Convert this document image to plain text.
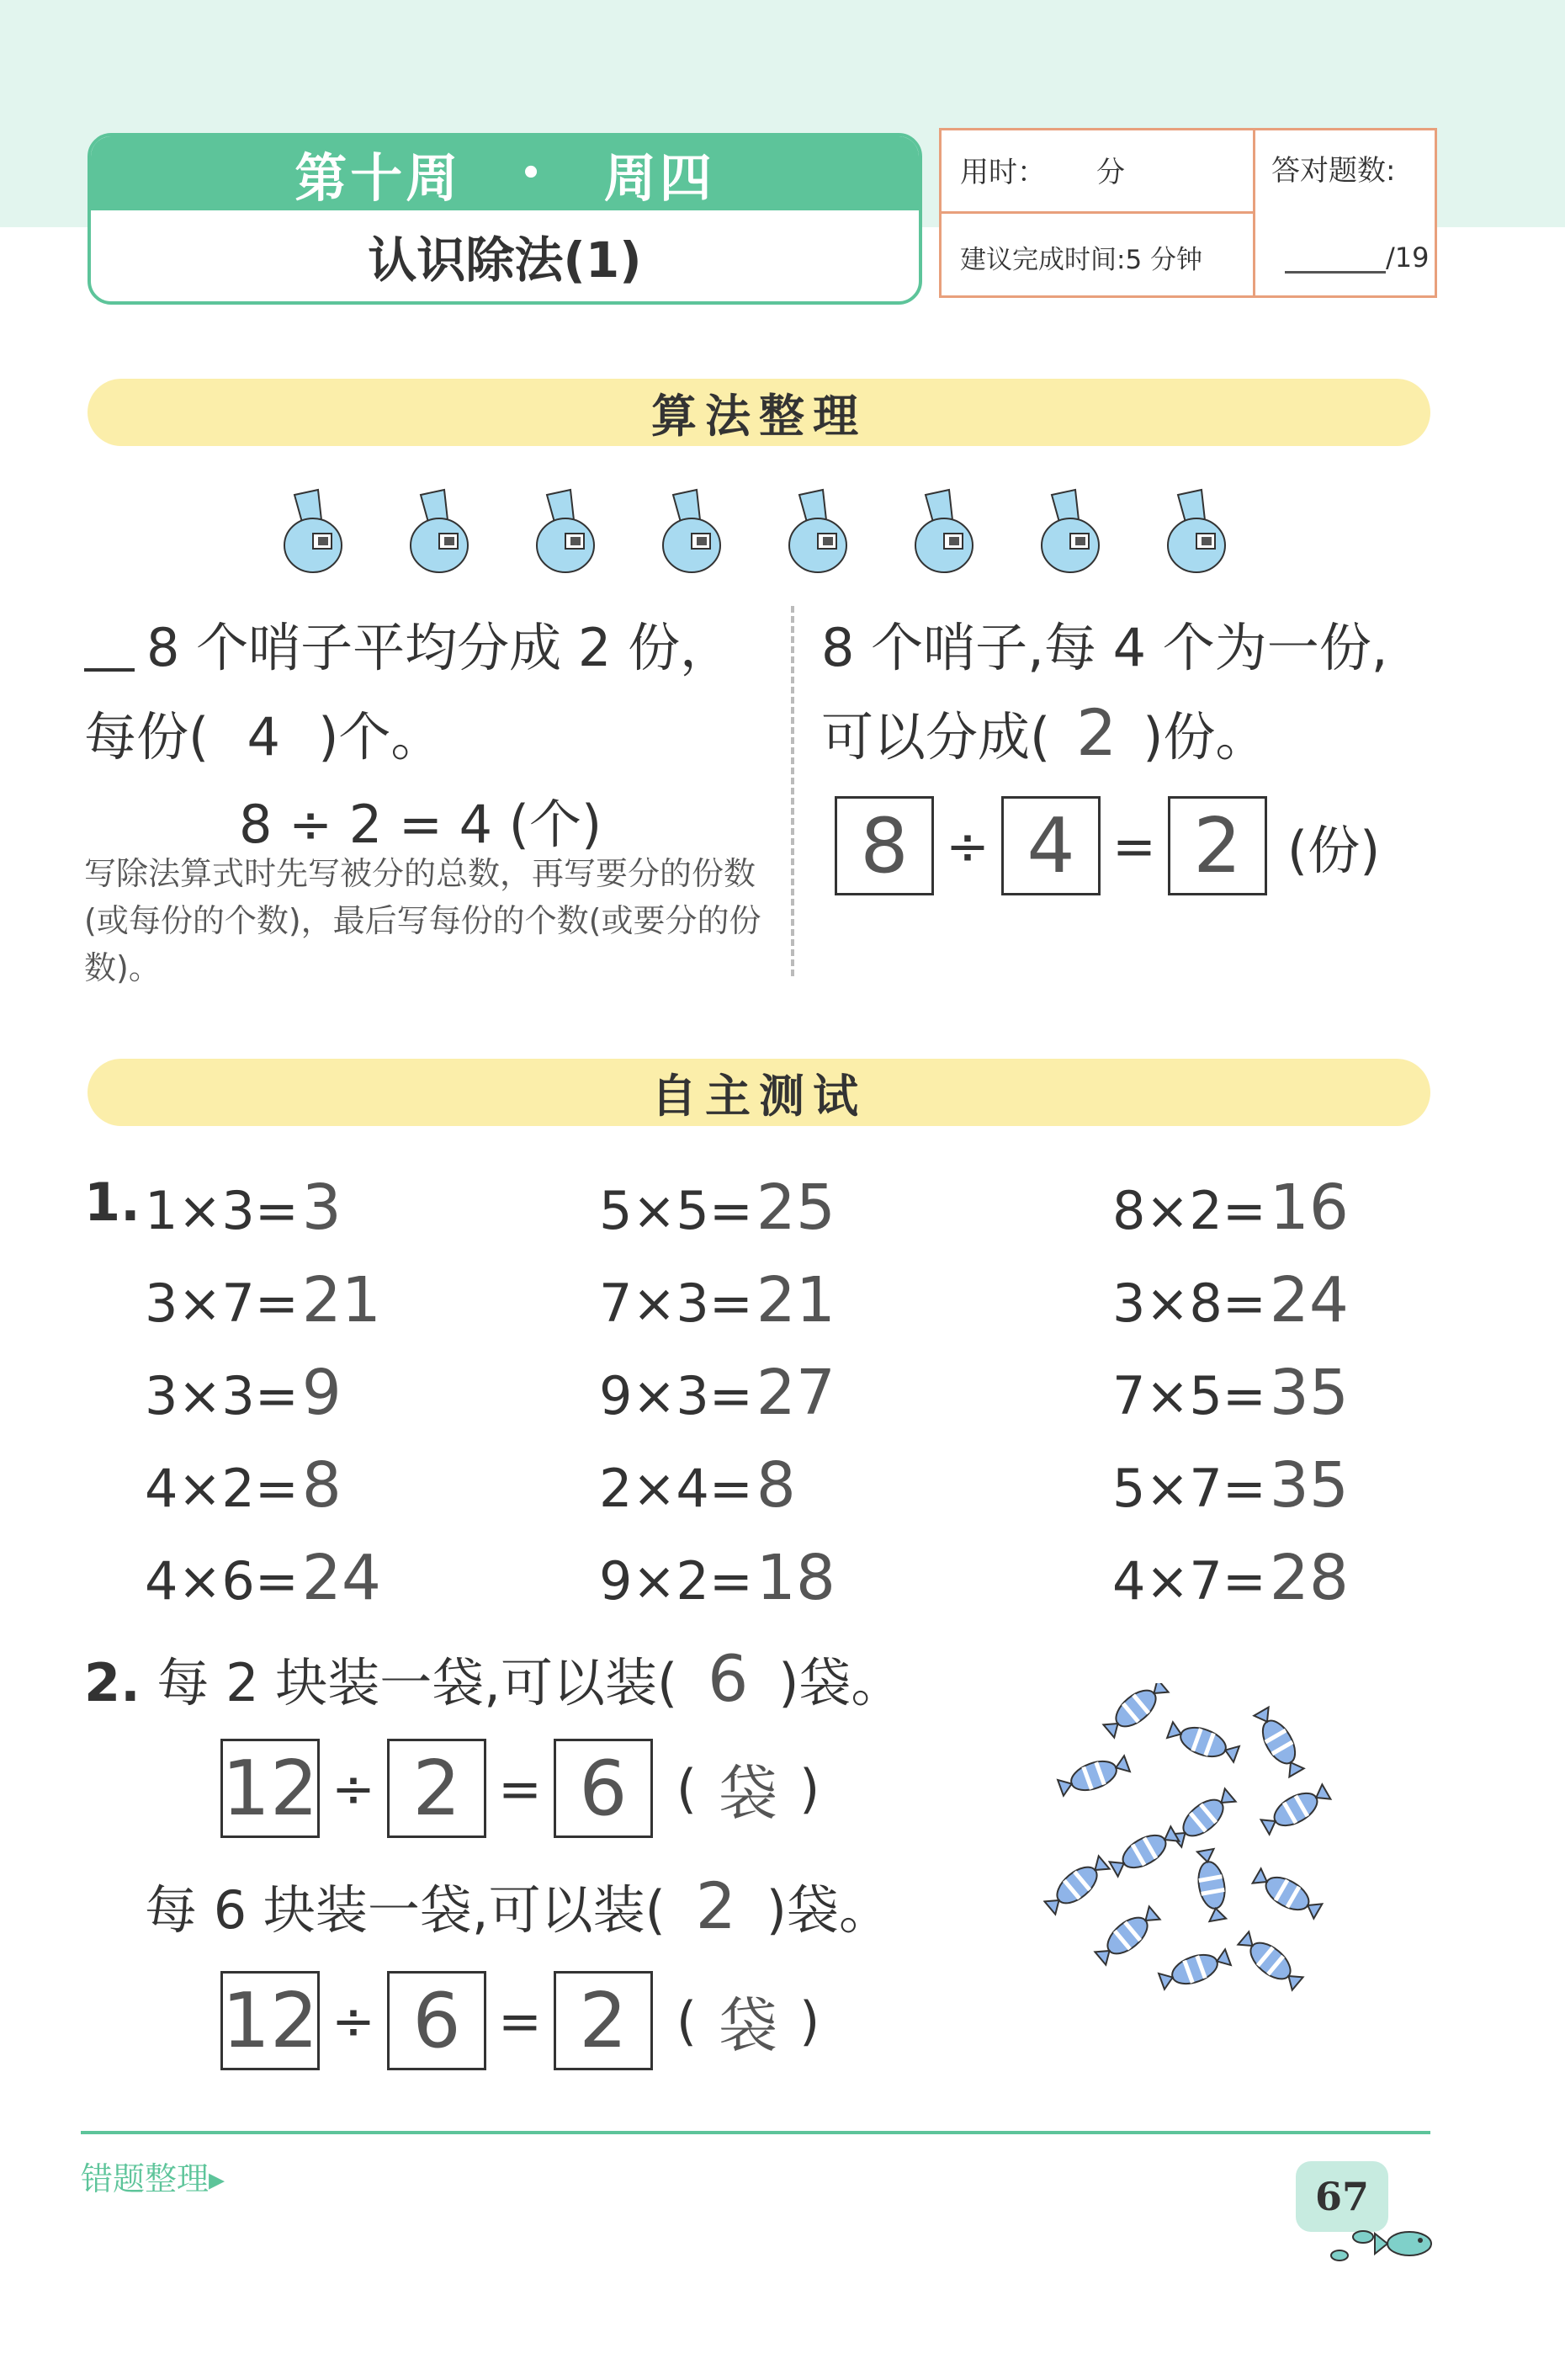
第十周 • 周四
认识除法(1)
用时： 分
建议完成时间:5 分钟
答对题数:
/19
算法整理
8 个哨子平均分成 2 份，
每份( 4 )个。
8 ÷ 2 = 4 (个)
写除法算式时先写被分的总数，再写要分的份数(或每份的个数)，最后写每份的个数(或要分的份数)。
8 个哨子,每 4 个为一份,
可以分成( 2 )份。
8 ÷ 4 = 2 (份)
自主测试
1. 1×3=3
3×7=21
3×3=9
4×2=8
4×6=24
5×5=25
7×3=21
9×3=27
2×4=8
9×2=18
8×2=16
3×8=24
7×5=35
5×7=35
4×7=28
2. 每 2 块装一袋,可以装( 6 )袋。
12 ÷ 2 = 6 ( 袋 )
每 6 块装一袋,可以装( 2 )袋。
12 ÷ 6 = 2 ( 袋 )
错题整理▸	67
